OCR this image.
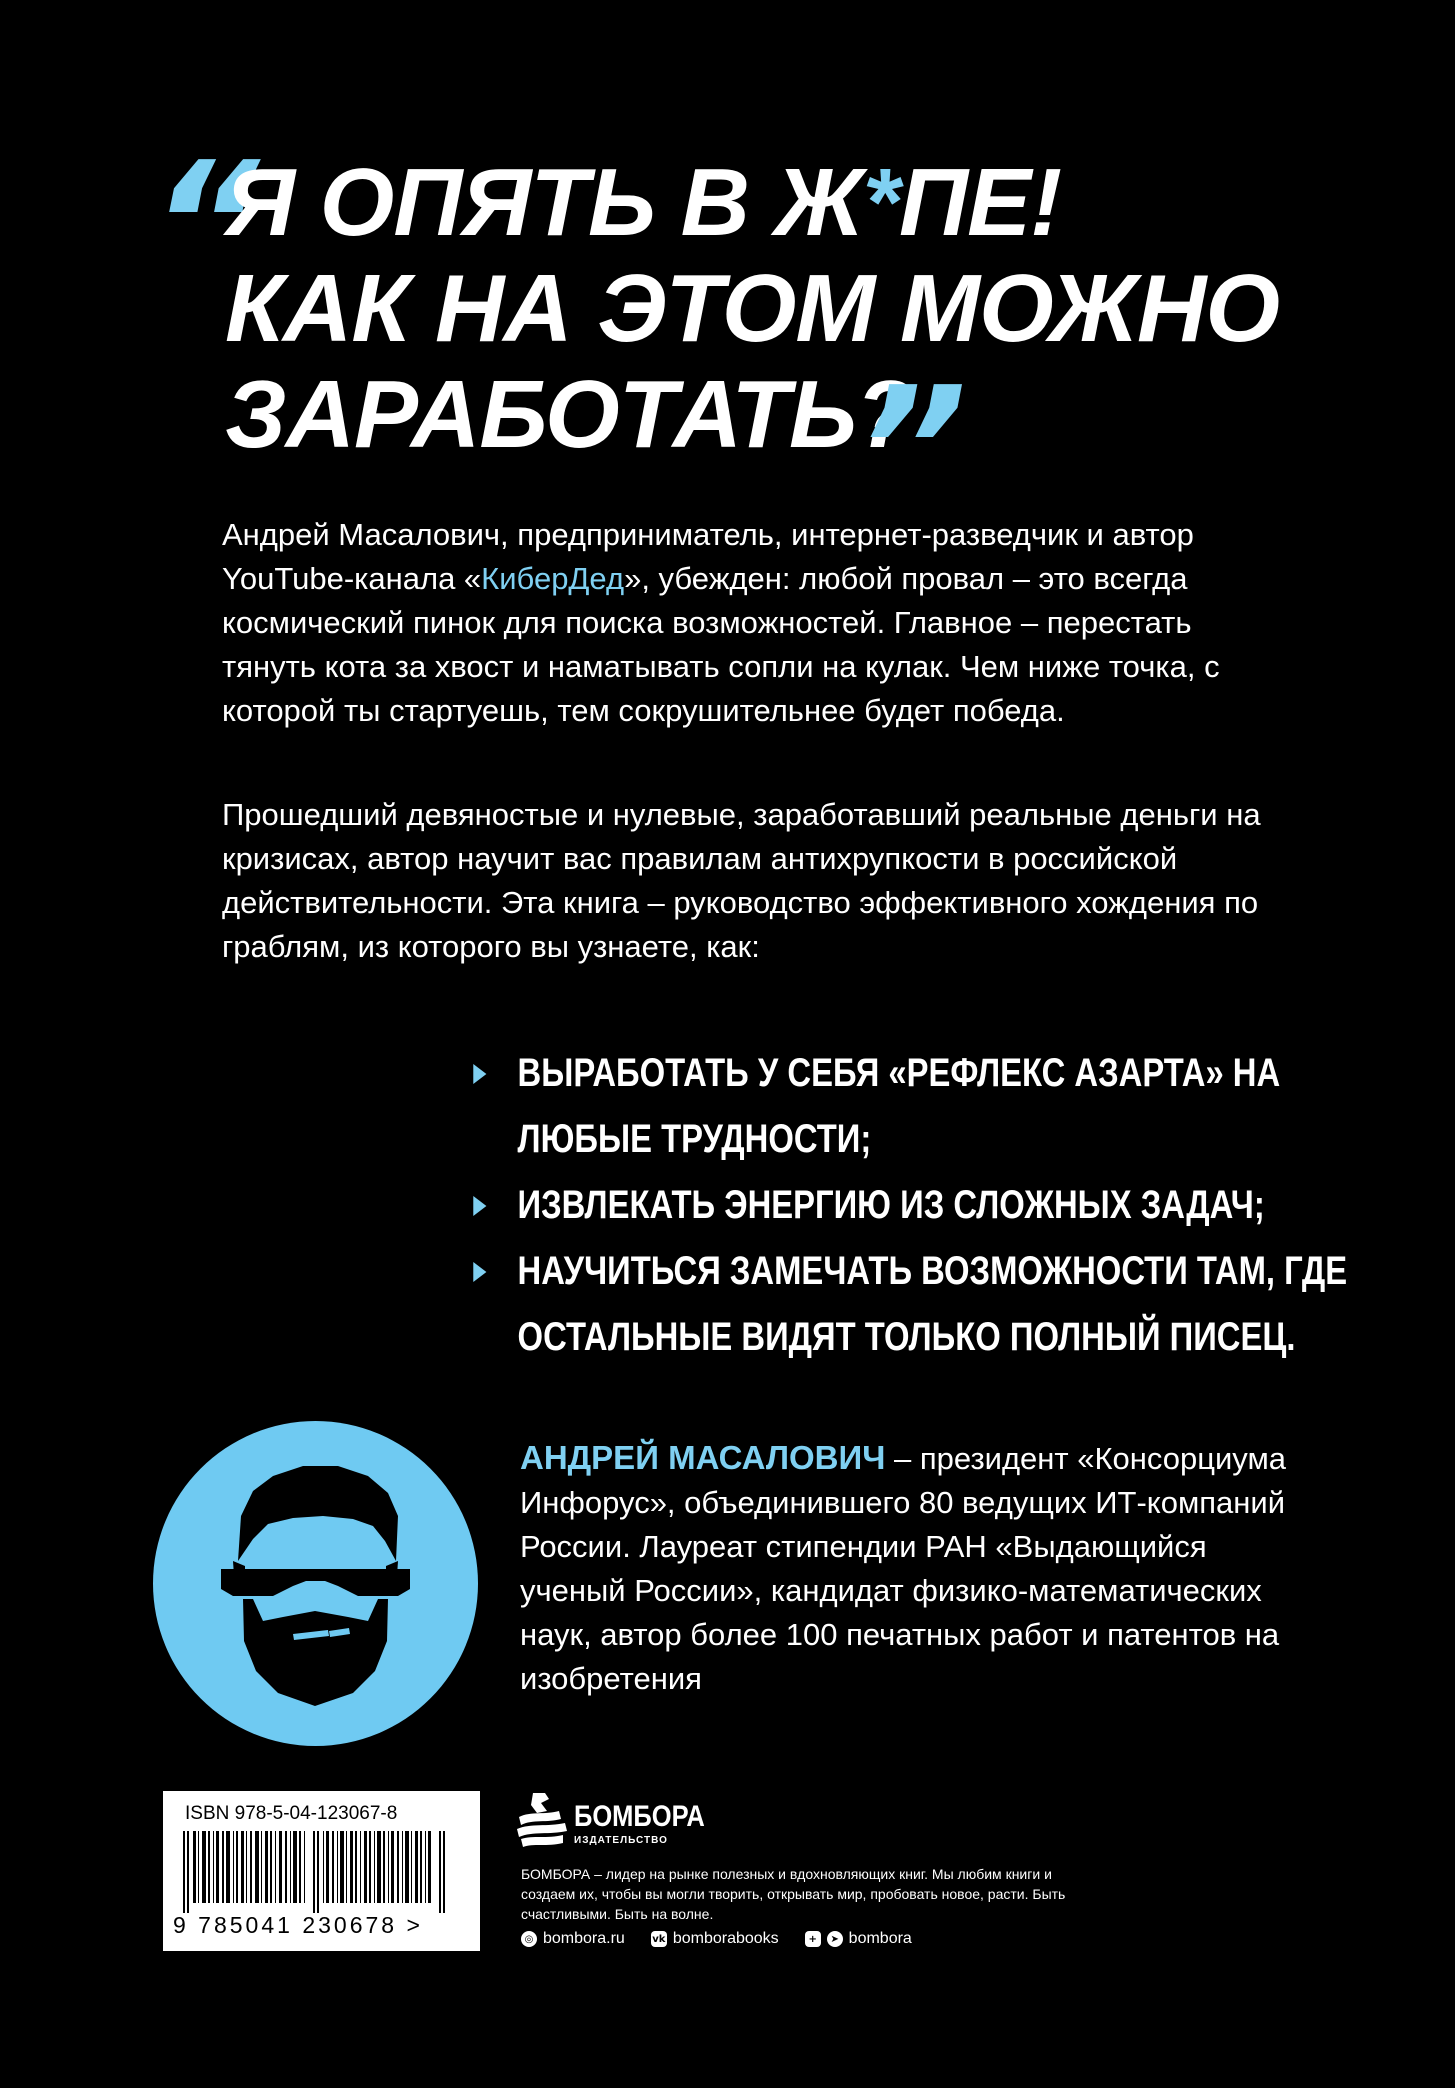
“
Я ОПЯТЬ В Ж*ПЕ!
КАК НА ЭТОМ МОЖНО
ЗАРАБОТАТЬ?
”

Андрей Масалович, предприниматель, интернет-разведчик и автор YouTube-канала «КиберДед», убежден: любой провал – это всегда космический пинок для поиска возможностей. Главное – перестать тянуть кота за хвост и наматывать сопли на кулак. Чем ниже точка, с которой ты стартуешь, тем сокрушительнее будет победа.

Прошедший девяностые и нулевые, заработавший реальные деньги на кризисах, автор научит вас правилам антихрупкости в российской действительности. Эта книга – руководство эффективного хождения по граблям, из которого вы узнаете, как:

ВЫРАБОТАТЬ У СЕБЯ «РЕФЛЕКС АЗАРТА» НА ЛЮБЫЕ ТРУДНОСТИ;
ИЗВЛЕКАТЬ ЭНЕРГИЮ ИЗ СЛОЖНЫХ ЗАДАЧ;
НАУЧИТЬСЯ ЗАМЕЧАТЬ ВОЗМОЖНОСТИ ТАМ, ГДЕ ОСТАЛЬНЫЕ ВИДЯТ ТОЛЬКО ПОЛНЫЙ ПИСЕЦ.

АНДРЕЙ МАСАЛОВИЧ – президент «Консорциума Инфорус», объединившего 80 ведущих ИТ-компаний России. Лауреат стипендии РАН «Выдающийся ученый России», кандидат физико-математических наук, автор более 100 печатных работ и патентов на изобретения

ISBN 978-5-04-123067-8
9 785041 230678 >
БОМБОРА
ИЗДАТЕЛЬСТВО

БОМБОРА – лидер на рынке полезных и вдохновляющих книг. Мы любим книги и создаем их, чтобы вы могли творить, открывать мир, пробовать новое, расти. Быть счастливыми. Быть на волне.

◎ bombora.ru	vk bomborabooks	+	➤ bombora
